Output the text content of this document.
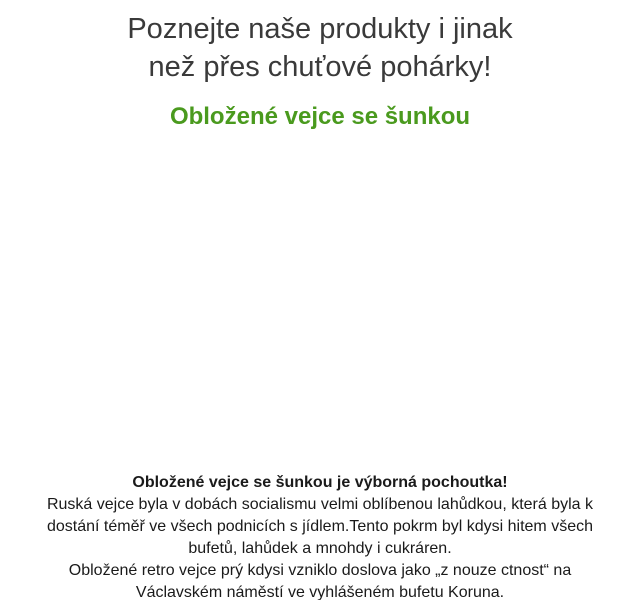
Poznejte naše produkty i jinak
než přes chuťové pohárky!
Obložené vejce se šunkou

Obložené vejce se šunkou je výborná pochoutka!

Ruská vejce byla v dobách socialismu velmi oblíbenou lahůdkou, která byla k dostání téměř ve všech podnicích s jídlem.Tento pokrm byl kdysi hitem všech bufetů, lahůdek a mnohdy i cukráren.

Obložené retro vejce prý kdysi vzniklo doslova jako „z nouze ctnost“ na Václavském náměstí ve vyhlášeném bufetu Koruna.
